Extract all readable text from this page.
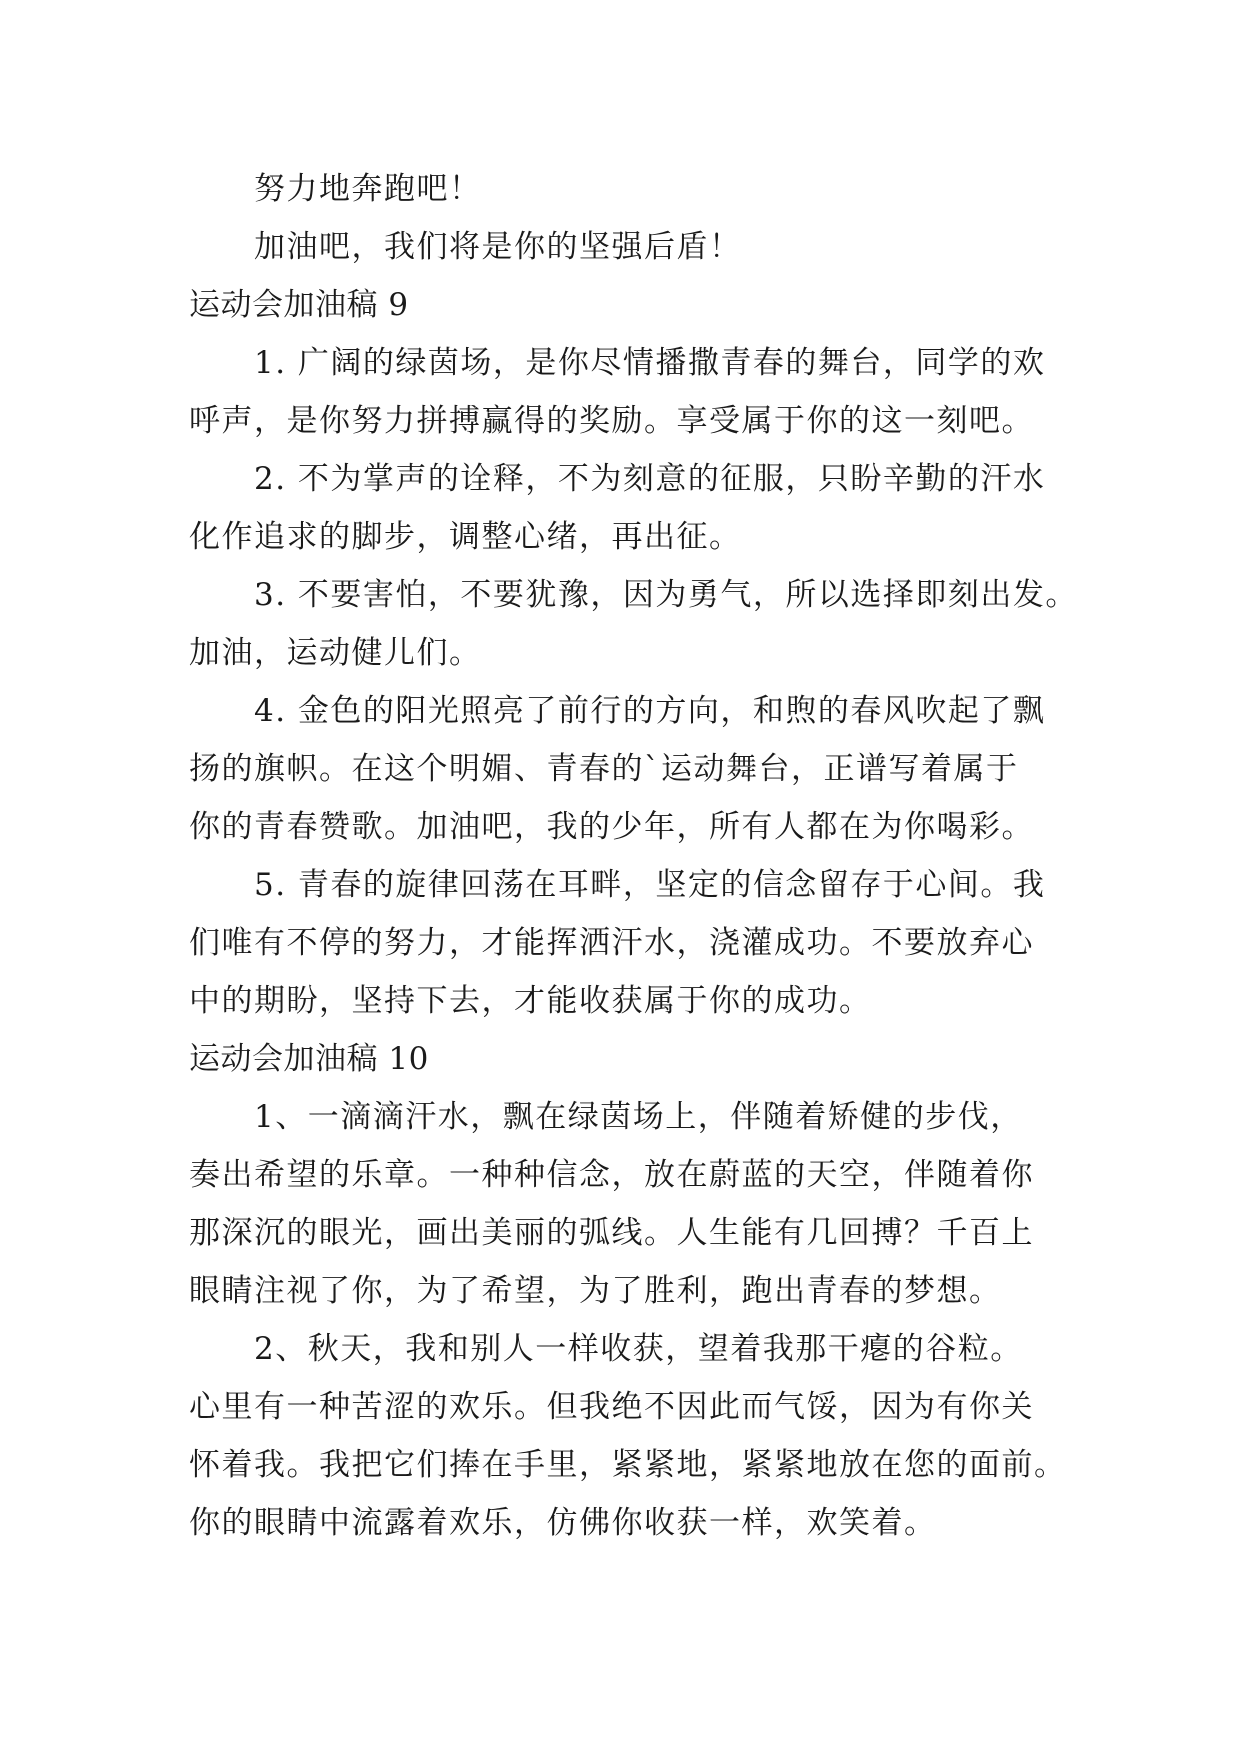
努力地奔跑吧！
加油吧，我们将是你的坚强后盾！
运动会加油稿 9
1. 广阔的绿茵场，是你尽情播撒青春的舞台，同学的欢
呼声，是你努力拼搏赢得的奖励。享受属于你的这一刻吧。
2. 不为掌声的诠释，不为刻意的征服，只盼辛勤的汗水
化作追求的脚步，调整心绪，再出征。
3. 不要害怕，不要犹豫，因为勇气，所以选择即刻出发。
加油，运动健儿们。
4. 金色的阳光照亮了前行的方向，和煦的春风吹起了飘
扬的旗帜。在这个明媚、青春的`运动舞台，正谱写着属于
你的青春赞歌。加油吧，我的少年，所有人都在为你喝彩。
5. 青春的旋律回荡在耳畔，坚定的信念留存于心间。我
们唯有不停的努力，才能挥洒汗水，浇灌成功。不要放弃心
中的期盼，坚持下去，才能收获属于你的成功。
运动会加油稿 10
1、一滴滴汗水，飘在绿茵场上，伴随着矫健的步伐，
奏出希望的乐章。一种种信念，放在蔚蓝的天空，伴随着你
那深沉的眼光，画出美丽的弧线。人生能有几回搏？千百上
眼睛注视了你，为了希望，为了胜利，跑出青春的梦想。
2、秋天，我和别人一样收获，望着我那干瘪的谷粒。
心里有一种苦涩的欢乐。但我绝不因此而气馁，因为有你关
怀着我。我把它们捧在手里，紧紧地，紧紧地放在您的面前。
你的眼睛中流露着欢乐，仿佛你收获一样，欢笑着。
